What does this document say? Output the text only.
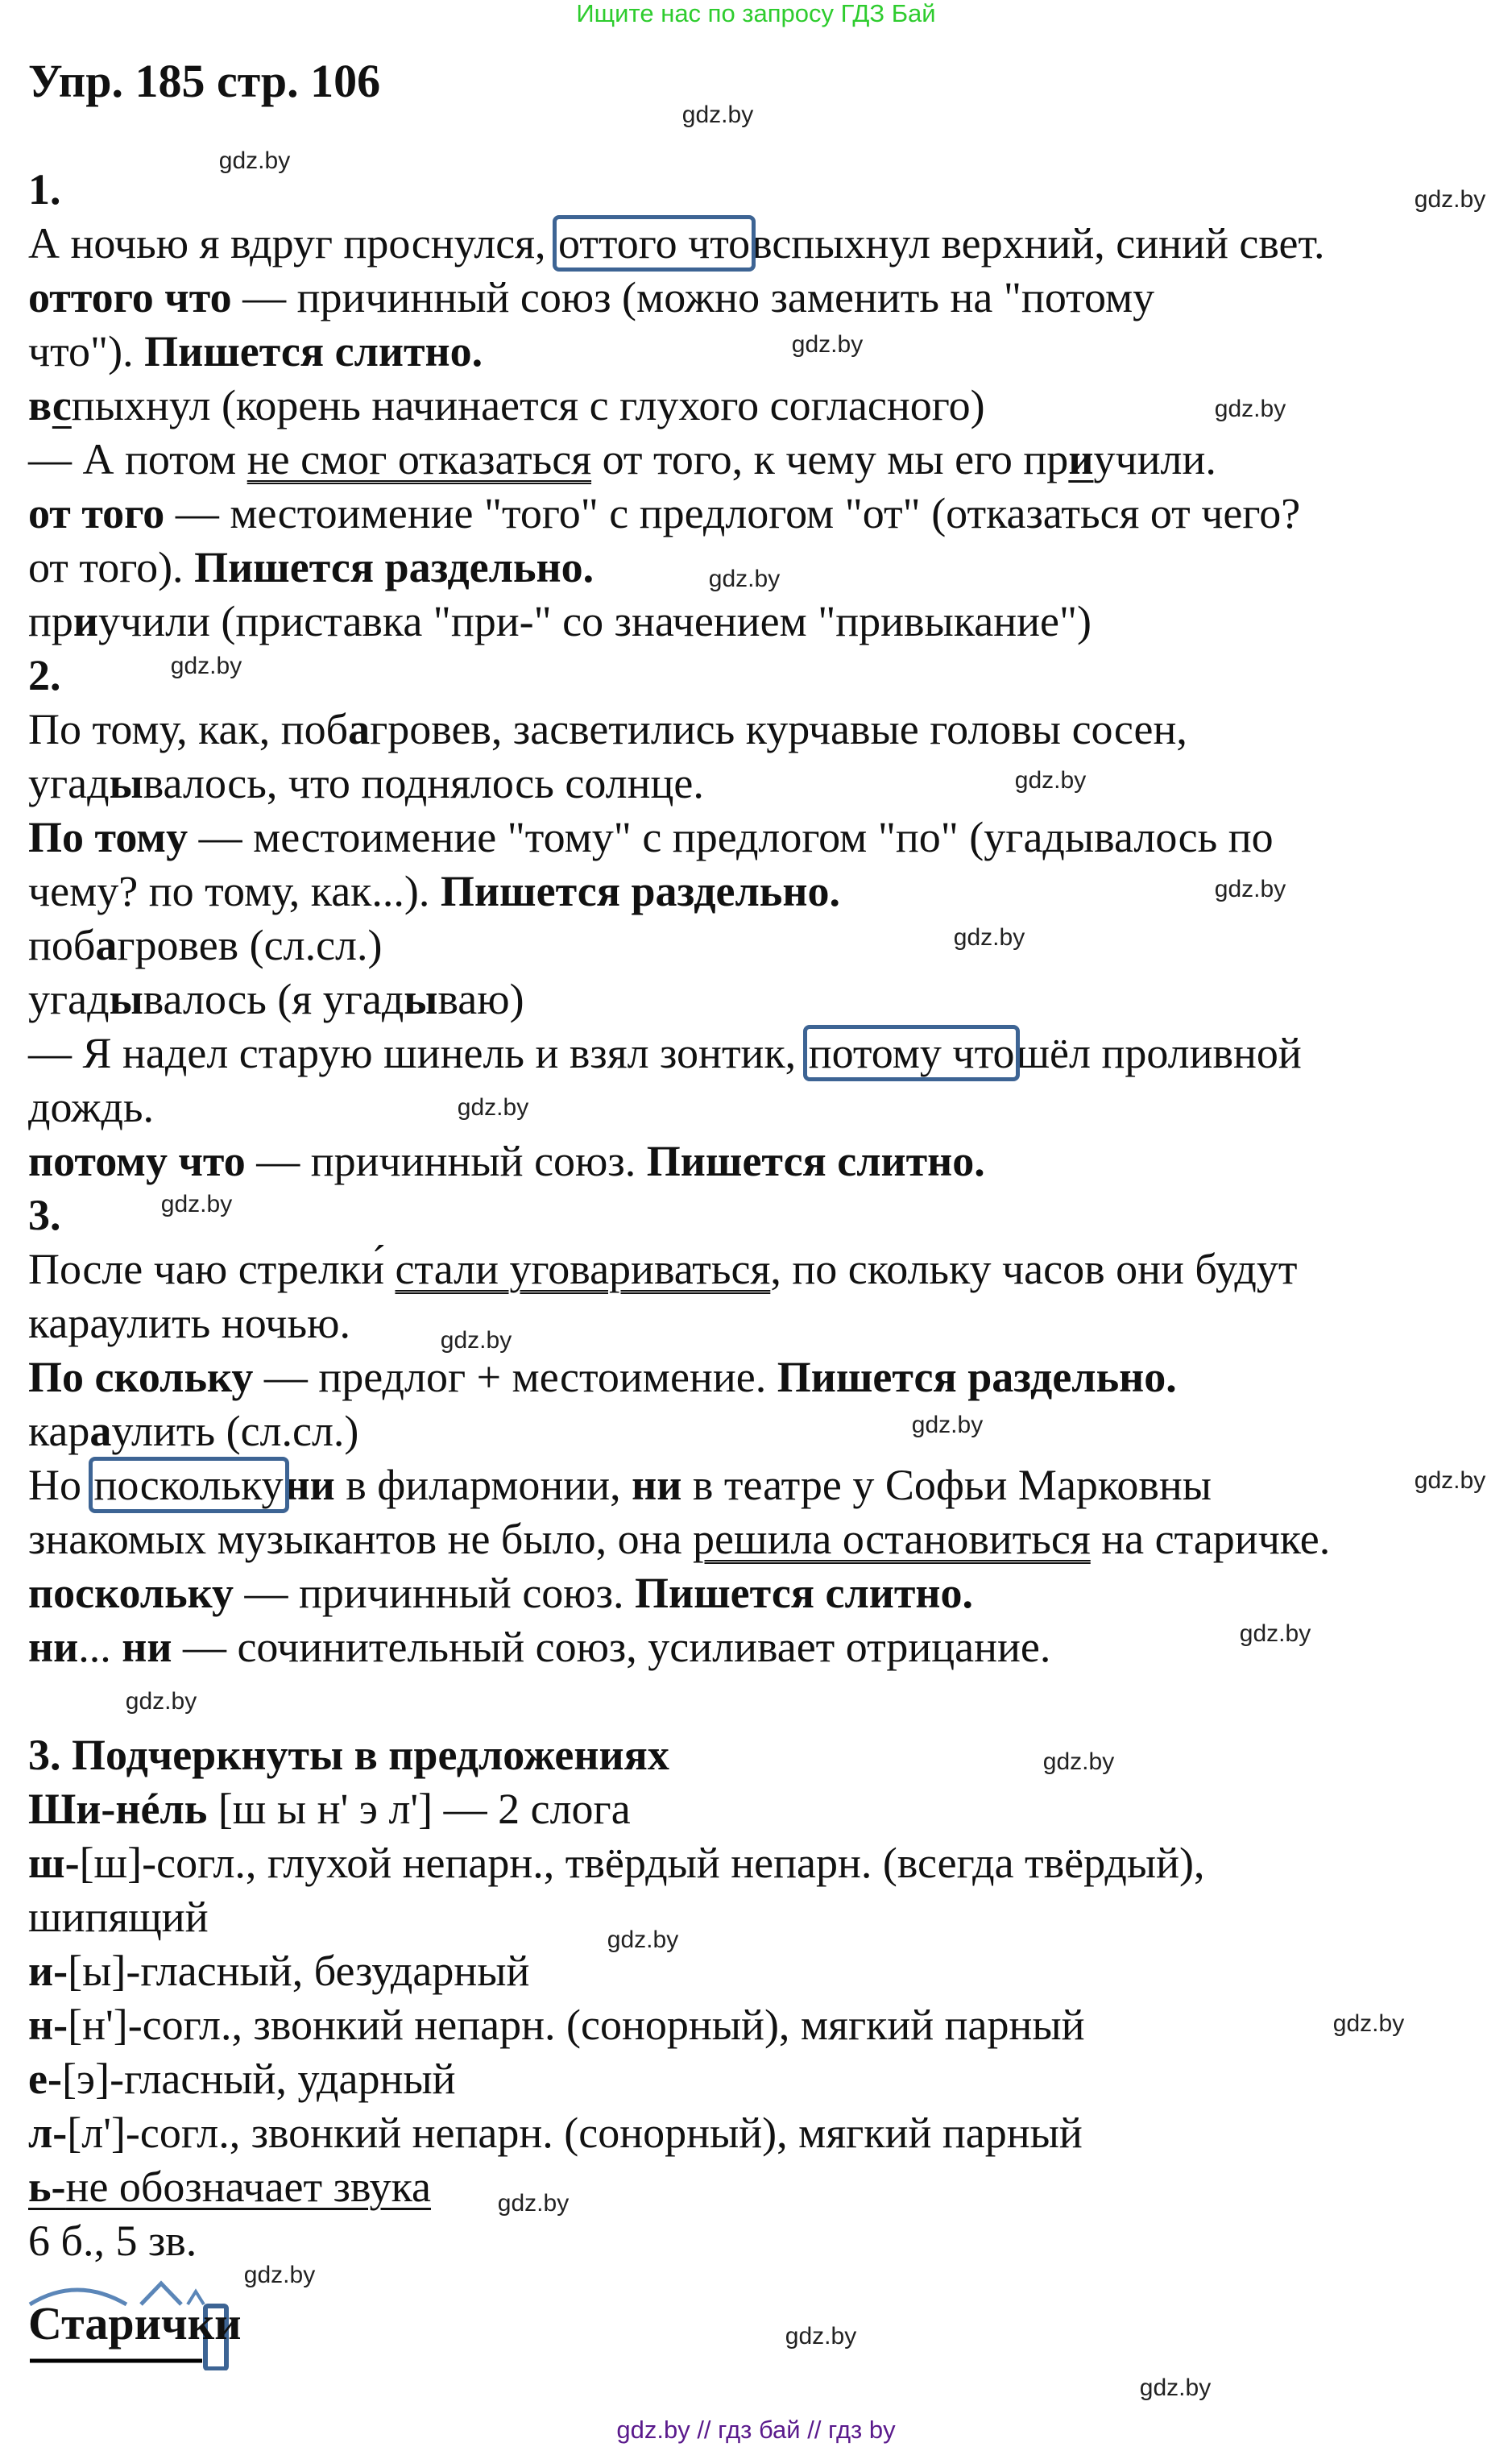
Ищите нас по запросу ГДЗ Бай
Упр. 185 стр. 106
1.
А ночью я вдруг проснулся, оттого чтовспыхнул верхний, синий свет.
оттого что — причинный союз (можно заменить на "потому
что"). Пишется слитно.
вспыхнул (корень начинается с глухого согласного)
— А потом не смог отказаться от того, к чему мы его приучили.
от того — местоимение "того" с предлогом "от" (отказаться от чего?
от того). Пишется раздельно.
приучили (приставка "при-" со значением "привыкание")
2.
По тому, как, побагровев, засветились курчавые головы сосен,
угадывалось, что поднялось солнце.
По тому — местоимение "тому" с предлогом "по" (угадывалось по
чему? по тому, как...). Пишется раздельно.
побагровев (сл.сл.)
угадывалось (я угадываю)
— Я надел старую шинель и взял зонтик, потому чтошёл проливной
дождь.
потому что — причинный союз. Пишется слитно.
3.
После чаю стрелки́ стали уговариваться, по скольку часов они будут
караулить ночью.
По скольку — предлог + местоимение. Пишется раздельно.
караулить (сл.сл.)
Но посколькуни в филармонии, ни в театре у Софьи Марковны
знакомых музыкантов не было, она решила остановиться на старичке.
поскольку — причинный союз. Пишется слитно.
ни... ни — сочинительный союз, усиливает отрицание.
3. Подчеркнуты в предложениях
Ши-нéль [ш ы н' э л'] — 2 слога
ш-[ш]-согл., глухой непарн., твёрдый непарн. (всегда твёрдый),
шипящий
и-[ы]-гласный, безударный
н-[н']-согл., звонкий непарн. (сонорный), мягкий парный
е-[э]-гласный, ударный
л-[л']-согл., звонкий непарн. (сонорный), мягкий парный
ь-не обозначает звука
6 б., 5 зв.
Старички
gdz.by // гдз бай // гдз by
gdz.by
gdz.by
gdz.by
gdz.by
gdz.by
gdz.by
gdz.by
gdz.by
gdz.by
gdz.by
gdz.by
gdz.by
gdz.by
gdz.by
gdz.by
gdz.by
gdz.by
gdz.by
gdz.by
gdz.by
gdz.by
gdz.by
gdz.by
gdz.by
